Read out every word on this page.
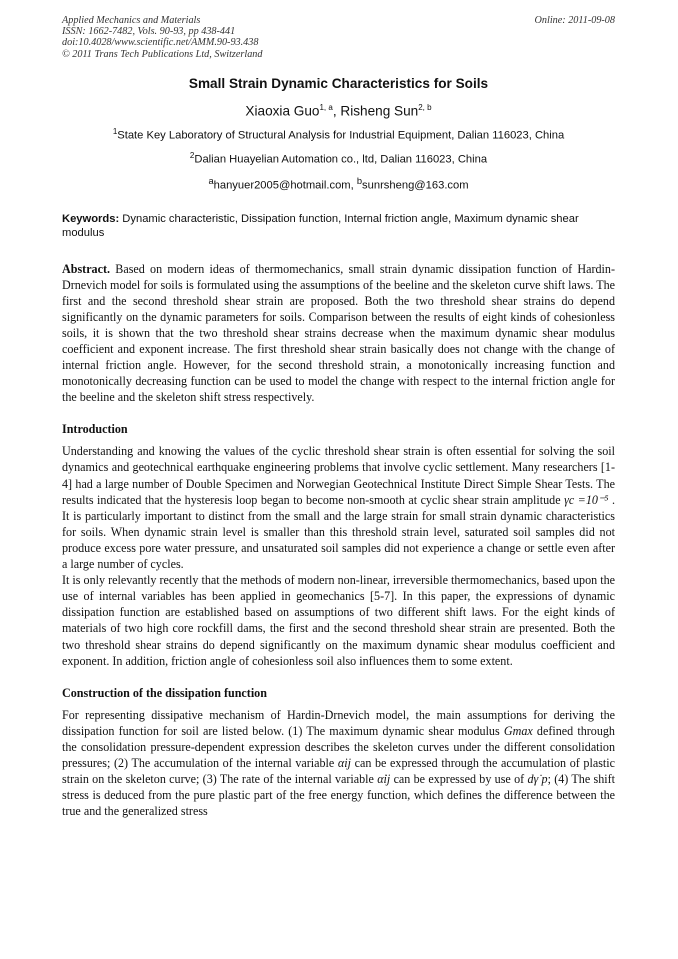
Applied Mechanics and Materials
ISSN: 1662-7482, Vols. 90-93, pp 438-441
doi:10.4028/www.scientific.net/AMM.90-93.438
© 2011 Trans Tech Publications Ltd, Switzerland
Online: 2011-09-08
Small Strain Dynamic Characteristics for Soils
Xiaoxia Guo$^{1, a}$, Risheng Sun$^{2, b}$
$^1$State Key Laboratory of Structural Analysis for Industrial Equipment, Dalian 116023, China
$^2$Dalian Huayelian Automation co., ltd, Dalian 116023, China
$^a$hanyuer2005@hotmail.com, $^b$sunrsheng@163.com
Keywords: Dynamic characteristic, Dissipation function, Internal friction angle, Maximum dynamic shear modulus

Abstract. Based on modern ideas of thermomechanics, small strain dynamic dissipation function of Hardin-Drnevich model for soils is formulated using the assumptions of the beeline and the skeleton curve shift laws. The first and the second threshold shear strain are proposed. Both the two threshold shear strains do depend significantly on the dynamic parameters for soils. Comparison between the results of eight kinds of cohesionless soils, it is shown that the two threshold shear strains decrease when the maximum dynamic shear modulus coefficient and exponent increase. The first threshold shear strain basically does not change with the change of internal friction angle. However, for the second threshold strain, a monotonically increasing function and monotonically decreasing function can be used to model the change with respect to the internal friction angle for the beeline and the skeleton shift stress respectively.

Introduction

Understanding and knowing the values of the cyclic threshold shear strain is often essential for solving the soil dynamics and geotechnical earthquake engineering problems that involve cyclic settlement. Many researchers [1-4] had a large number of Double Specimen and Norwegian Geotechnical Institute Direct Simple Shear Tests. The results indicated that the hysteresis loop began to become non-smooth at cyclic shear strain amplitude γc =10⁻⁵ . It is particularly important to distinct from the small and the large strain for small strain dynamic characteristics for soils. When dynamic strain level is smaller than this threshold strain level, saturated soil samples did not produce excess pore water pressure, and unsaturated soil samples did not experience a change or settle even after a large number of cycles.

It is only relevantly recently that the methods of modern non-linear, irreversible thermomechanics, based upon the use of internal variables has been applied in geomechanics [5-7]. In this paper, the expressions of dynamic dissipation function are established based on assumptions of two different shift laws. For the eight kinds of materials of two high core rockfill dams, the first and the second threshold shear strain are presented. Both the two threshold shear strains do depend significantly on the maximum dynamic shear modulus coefficient and exponent. In addition, friction angle of cohesionless soil also influences them to some extent.

Construction of the dissipation function

For representing dissipative mechanism of Hardin-Drnevich model, the main assumptions for deriving the dissipation function for soil are listed below. (1) The maximum dynamic shear modulus Gmax defined through the consolidation pressure-dependent expression describes the skeleton curves under the different consolidation pressures; (2) The accumulation of the internal variable αij can be expressed through the accumulation of plastic strain on the skeleton curve; (3) The rate of the internal variable α̇ij can be expressed by use of dγ̇ p; (4) The shift stress is deduced from the pure plastic part of the free energy function, which defines the difference between the true and the generalized stress
